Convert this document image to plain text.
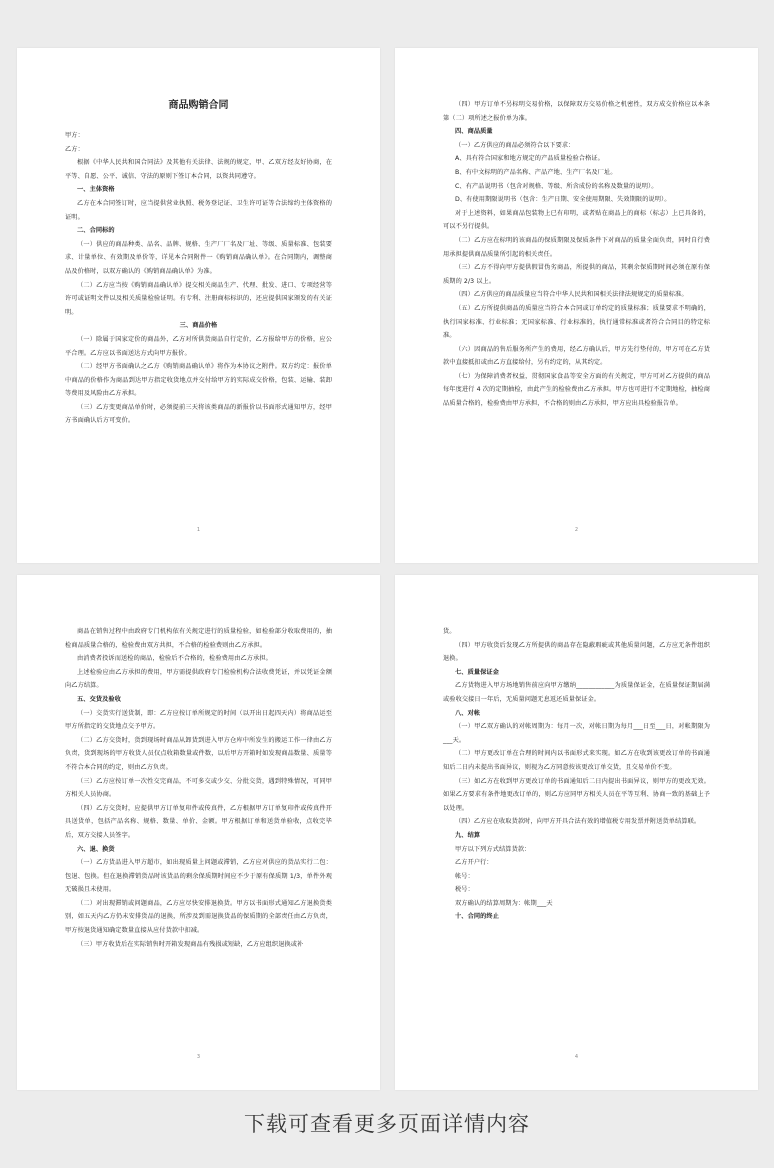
商品购销合同

甲方：

乙方：

根据《中华人民共和国合同法》及其他有关法律、法规的规定，甲、乙双方经友好协商，在平等、自愿、公平、诚信、守法的原则下签订本合同，以资共同遵守。

一、主体资格

乙方在本合同签订时，应当提供营业执照、税务登记证、卫生许可证等合法缔约主体资格的证明。

二、合同标的

（一）供应的商品种类、品名、品牌、规格、生产厂厂名及厂址、等级、质量标准、包装要求、计量单位、有效期及单价等，详见本合同附件一《购销商品确认单》。在合同期内，调整商品及价格时，以双方确认的《购销商品确认单》为准。

（二）乙方应当按《购销商品确认单》提交相关商品生产、代理、批发、进口、专项经营等许可或证明文件以及相关质量检验证明。有专利、注册商标标识的，还应提供国家颁发的有关证明。

三、商品价格

（一）除属于国家定价的商品外，乙方对所供货商品自行定价，乙方报给甲方的价格，应公平合理。乙方应以书面送达方式向甲方报价。

（二）经甲方书面确认之乙方《购销商品确认单》将作为本协议之附件。双方约定：报价单中商品的价格作为商品到达甲方指定收货地点并交付给甲方的实际成交价格，包装、运输、装卸等费用及风险由乙方承担。

（三）乙方变更商品单价时，必须提前三天将该类商品的新报价以书面形式通知甲方，经甲方书面确认后方可变价。

1

（四）甲方订单不另标明交易价格，以保障双方交易价格之机密性，双方成交价格应以本条第（二）项所述之报价单为准。

四、商品质量

（一）乙方供应的商品必须符合以下要求：

A、具有符合国家和地方规定的产品质量检验合格证。

B、有中文标明的产品名称、产品产地、生产厂名及厂址。

C、有产品说明书（包含对规格、等级、所含成份的名称及数量的说明）。

D、有使用期限说明书（包含：生产日期、安全使用期限、失效期限的说明）。

对于上述资料，如果商品包装物上已有印明，或者贴在商品上的商标（标志）上已具备的，可以不另行提供。

（二）乙方应在标明的该商品的保质期限及保质条件下对商品的质量全面负责，同时自行费用承担提供商品质量所引起的相关责任。

（三）乙方不得向甲方提供假冒伪劣商品，所提供的商品，其剩余保质期时间必须在原有保质期的 2/3 以上。

（四）乙方供应的商品质量应当符合中华人民共和国相关法律法规规定的质量标准。

（五）乙方所提供商品的质量应当符合本合同或订单约定的质量标准；质量要求不明确的，执行国家标准、行业标准；无国家标准、行业标准的，执行通常标准或者符合合同目的特定标准。

（六）因商品的售后服务所产生的费用，经乙方确认后，甲方先行垫付的，甲方可在乙方货款中直接抵扣或由乙方直接给付，另有约定的，从其约定。

（七）为保障消费者权益，贯彻国家食品等安全方面的有关规定，甲方可对乙方提供的商品每年度进行 4 次的定期抽检，由此产生的检验费由乙方承担。甲方也可进行不定期地检，抽检商品质量合格的，检验费由甲方承担，不合格的则由乙方承担，甲方应出具检验报告单。

2

商品在销售过程中由政府专门机构依有关规定进行的质量检验，如检验部分收取费用的，抽检商品质量合格的，检验费由双方共担，不合格的检验费则由乙方承担。

由消费者投诉而送检的商品，检验后不合格的，检验费用由乙方承担。

上述检验应由乙方承担的费用，甲方需提供政府专门检验机构合法收费凭证，并以凭证金额向乙方结算。

五、交货及验收

（一）交货实行送货制，即：乙方应按订单所规定的时间（以开出日起四天内）将商品运至甲方所指定的交货地点交予甲方。

（二）乙方交货时，货到现场时商品从卸货到进入甲方仓库中所发生的搬运工作一律由乙方负责，货到现场的甲方收货人员仅点收箱数量或件数，以后甲方开箱时如发现商品数量、质量等不符合本合同的约定，则由乙方负责。

（三）乙方应按订单一次性交完商品，不可多交或少交、分批交货，遇到特殊情况，可同甲方相关人员协商。

（四）乙方交货时，应提供甲方订单复印件或传真件，乙方根据甲方订单复印件或传真件开具送货单，包括产品名称、规格、数量、单价、金额。甲方根据订单和送货单验收，点收完毕后，双方交接人员签字。

六、退、换货

（一）乙方货品进入甲方超市，如出现质量上问题或滞销，乙方应对供应的货品实行二包：包退、包换。但在退换滞销货品时该货品的剩余保质期时间应不少于原有保质期 1/3，单件外观无破损且未使用。

（二）对出现滞销或问题商品，乙方应尽快安排退换货。甲方以书面形式通知乙方退换货类别，如五天内乙方仍未安排货品的退换，所涉及到需退换货品的保质期的全部责任由乙方负责，甲方按退货通知确定数量直接从应付货款中扣减。

（三）甲方收货后在实际销售时开箱发现商品有残损或短缺，乙方应组织退换或补

3

货。

（四）甲方收货后发现乙方所提供的商品存在隐蔽瑕疵或其他质量问题，乙方应无条件组织退换。

七、质量保证金

乙方货物进入甲方场地销售前应向甲方缴纳____________为质量保证金，在质量保证期届满或验收交接日一年后，无质量问题无息返还质量保证金。

八、对帐

（一）甲乙双方确认的对帐周期为：每月一次，对帐日期为每月___日至___日，对帐期限为___天。

（二）甲方更改订单在合理的时间内以书面形式来实现。如乙方在收到该更改订单的书面通知后二日内未提出书面异议，则视为乙方同意按该更改订单交货，且交易单价不变。

（三）如乙方在收到甲方更改订单的书面通知后二日内提出书面异议，则甲方的更改无效。如果乙方要求有条件地更改订单的，则乙方应同甲方相关人员在平等互利、协商一致的基础上予以处理。

（四）乙方应在收取货款时，向甲方开具合法有效的增值税专用发票并附送货单结算联。

九、结算

甲方以下列方式结算货款：

乙方开户行：

帐号：

税号：

双方确认的结算周期为：帐期___天

十、合同的终止

4
下载可查看更多页面详情内容
